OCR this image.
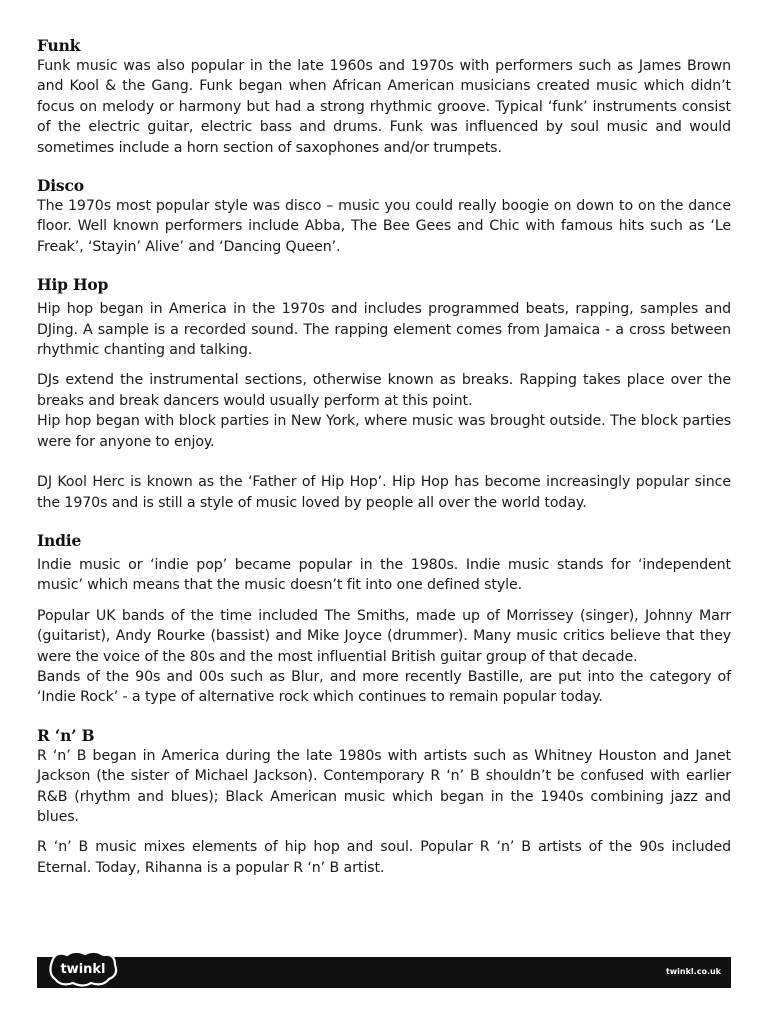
Funk

Funk music was also popular in the late 1960s and 1970s with performers such as James Brown and Kool & the Gang. Funk began when African American musicians created music which didn’t focus on melody or harmony but had a strong rhythmic groove. Typical ‘funk’ instruments consist of the electric guitar, electric bass and drums. Funk was influenced by soul music and would sometimes include a horn section of saxophones and/or trumpets.

Disco

The 1970s most popular style was disco – music you could really boogie on down to on the dance floor. Well known performers include Abba, The Bee Gees and Chic with famous hits such as ‘Le Freak’, ‘Stayin’ Alive’ and ‘Dancing Queen’.

Hip Hop

Hip hop began in America in the 1970s and includes programmed beats, rapping, samples and DJing. A sample is a recorded sound. The rapping element comes from Jamaica - a cross between rhythmic chanting and talking.

DJs extend the instrumental sections, otherwise known as breaks. Rapping takes place over the breaks and break dancers would usually perform at this point.

Hip hop began with block parties in New York, where music was brought outside. The block parties were for anyone to enjoy.

DJ Kool Herc is known as the ‘Father of Hip Hop’. Hip Hop has become increasingly popular since the 1970s and is still a style of music loved by people all over the world today.

Indie

Indie music or ‘indie pop’ became popular in the 1980s. Indie music stands for ‘independent music’ which means that the music doesn’t fit into one defined style.

Popular UK bands of the time included The Smiths, made up of Morrissey (singer), Johnny Marr (guitarist), Andy Rourke (bassist) and Mike Joyce (drummer). Many music critics believe that they were the voice of the 80s and the most influential British guitar group of that decade.

Bands of the 90s and 00s such as Blur, and more recently Bastille, are put into the category of ‘Indie Rock’ - a type of alternative rock which continues to remain popular today.

R ‘n’ B

R ‘n’ B began in America during the late 1980s with artists such as Whitney Houston and Janet Jackson (the sister of Michael Jackson). Contemporary R ‘n’ B shouldn’t be confused with earlier R&B (rhythm and blues); Black American music which began in the 1940s combining jazz and blues.

R ‘n’ B music mixes elements of hip hop and soul. Popular R ‘n’ B artists of the 90s included Eternal. Today, Rihanna is a popular R ‘n’ B artist.

twinkl	twinkl.co.uk
